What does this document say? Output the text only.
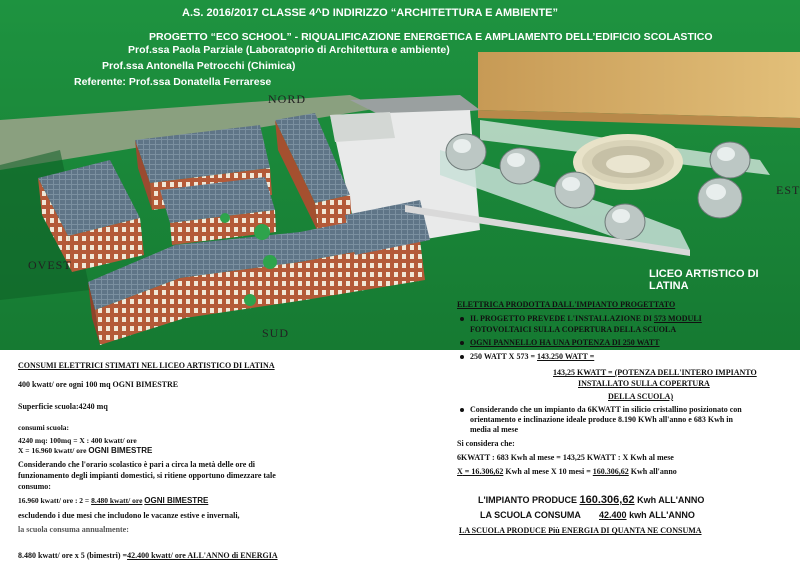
A.S. 2016/2017 CLASSE 4^D INDIRIZZO “ARCHITETTURA E AMBIENTE”
PROGETTO “ECO SCHOOL” - RIQUALIFICAZIONE ENERGETICA E AMPLIAMENTO DELL’EDIFICIO SCOLASTICO
Prof.ssa Paola Parziale (Laboratoprio di Architettura e ambiente)
Prof.ssa Antonella Petrocchi (Chimica)
Referente: Prof.ssa Donatella Ferrarese
NORD
SUD
EST
OVEST
LICEO ARTISTICO DI LATINA
CONSUMI ELETTRICI STIMATI NEL LICEO ARTISTICO DI LATINA
400 kwatt/ ore ogni 100 mq OGNI BIMESTRE
Superficie scuola:4240 mq
consumi scuola:
4240 mq: 100mq = X : 400 kwatt/ ore
X = 16.960 kwatt/ ore OGNI BIMESTRE
Considerando che l'orario scolastico è pari a circa la metà delle ore di
funzionamento degli impianti domestici, si ritiene opportuno dimezzare tale
consumo:
16.960 kwatt/ ore : 2 = 8.480 kwatt/ ore OGNI BIMESTRE
escludendo i due mesi che includono le vacanze estive e invernali,
la scuola consuma annualmente:
8.480 kwatt/ ore x 5 (bimestri) =42.400 kwatt/ ore ALL'ANNO di ENERGIA
ELETTRICA PRODOTTA DALL'IMPIANTO PROGETTATO
IL PROGETTO PREVEDE L'INSTALLAZIONE DI 573 MODULI
FOTOVOLTAICI SULLA COPERTURA DELLA SCUOLA
OGNI PANNELLO HA UNA POTENZA DI 250 WATT
250 WATT X 573 = 143.250 WATT =
143,25 KWATT = (POTENZA DELL'INTERO IMPIANTO
INSTALLATO SULLA COPERTURA
DELLA SCUOLA)
Considerando che un impianto da 6KWATT in silicio cristallino posizionato con
orientamento e inclinazione ideale produce 8.190 KWh all'anno e 683 Kwh in
media al mese
Si considera che:
6KWATT : 683 Kwh al mese = 143,25 KWATT : X Kwh al mese
X = 16.306,62 Kwh al mese X 10 mesi = 160.306,62 Kwh all'anno
L'IMPIANTO PRODUCE 160.306,62 Kwh ALL'ANNO
LA SCUOLA CONSUMA 42.400 kwh ALL'ANNO
LA SCUOLA PRODUCE Più ENERGIA DI QUANTA NE CONSUMA
